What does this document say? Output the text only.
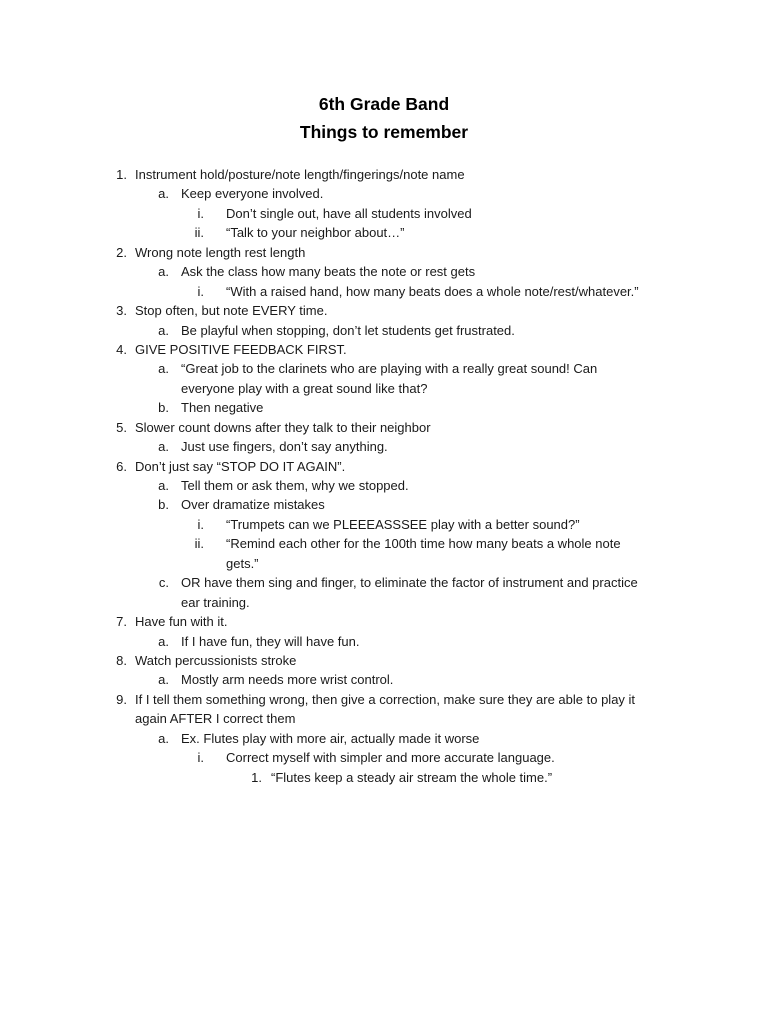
6th Grade Band
Things to remember
1. Instrument hold/posture/note length/fingerings/note name
a. Keep everyone involved.
i. Don’t single out, have all students involved
ii. “Talk to your neighbor about…”
2. Wrong note length rest length
a. Ask the class how many beats the note or rest gets
i. “With a raised hand, how many beats does a whole note/rest/whatever.”
3. Stop often, but note EVERY time.
a. Be playful when stopping, don’t let students get frustrated.
4. GIVE POSITIVE FEEDBACK FIRST.
a. “Great job to the clarinets who are playing with a really great sound! Can
everyone play with a great sound like that?
b. Then negative
5. Slower count downs after they talk to their neighbor
a. Just use fingers, don’t say anything.
6. Don’t just say “STOP DO IT AGAIN”.
a. Tell them or ask them, why we stopped.
b. Over dramatize mistakes
i. “Trumpets can we PLEEEASSSEE play with a better sound?”
ii. “Remind each other for the 100th time how many beats a whole note
gets.”
c. OR have them sing and finger, to eliminate the factor of instrument and practice
ear training.
7. Have fun with it.
a. If I have fun, they will have fun.
8. Watch percussionists stroke
a. Mostly arm needs more wrist control.
9. If I tell them something wrong, then give a correction, make sure they are able to play it
again AFTER I correct them
a. Ex. Flutes play with more air, actually made it worse
i. Correct myself with simpler and more accurate language.
1. “Flutes keep a steady air stream the whole time.”
